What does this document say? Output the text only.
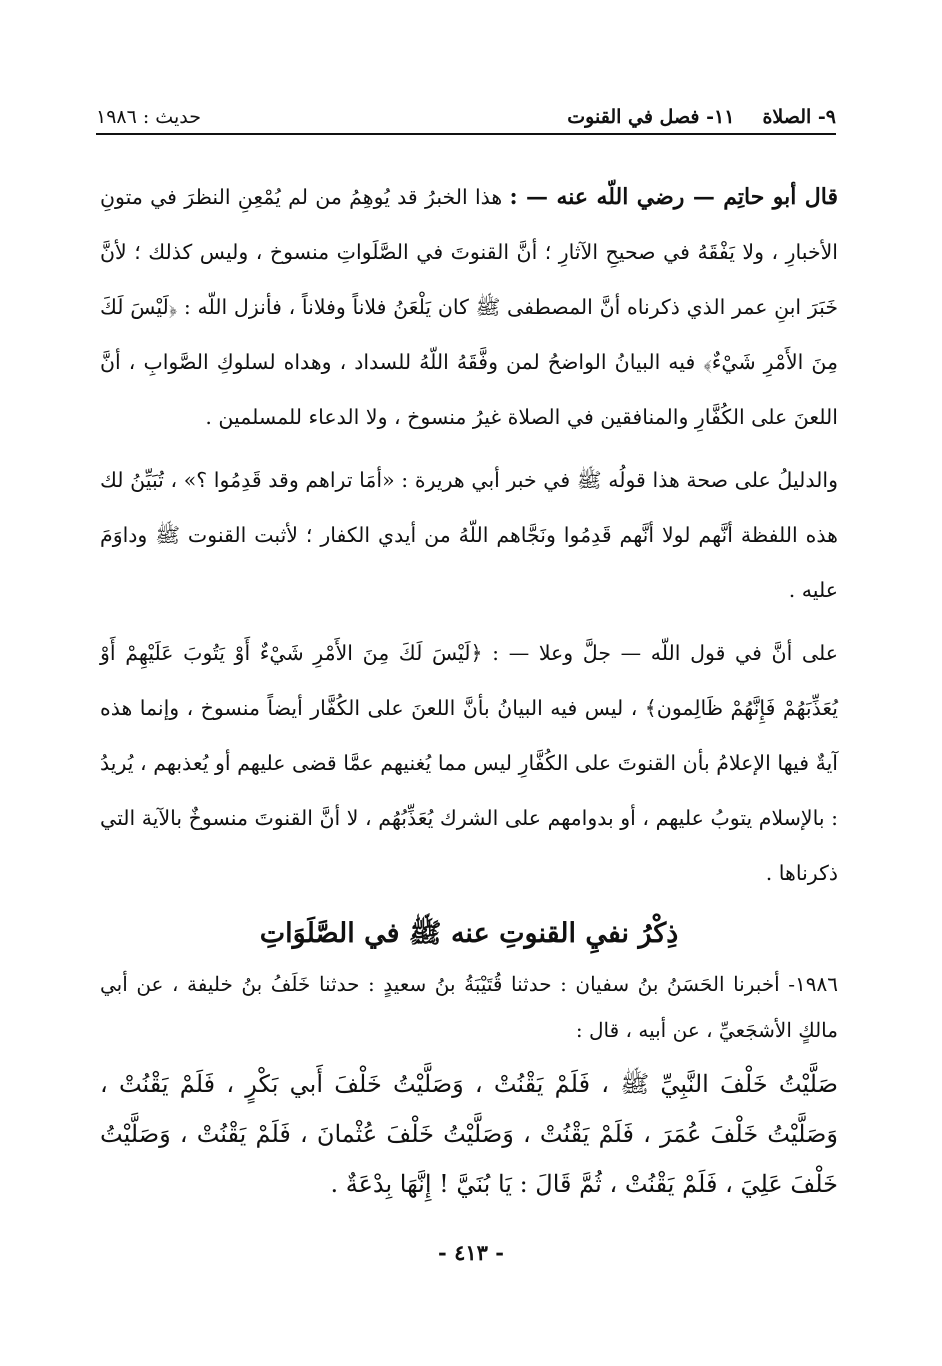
٩- الصلاة
١١- فصل في القنوت
حديث : ١٩٨٦

قال أبو حاتِم — رضي اللّه عنه — : هذا الخبرُ قد يُوهِمُ من لم يُمْعِنِ النظرَ في متونِ الأخبارِ ، ولا يَفْقَهُ في صحيحِ الآثارِ ؛ أنَّ القنوتَ في الصَّلَواتِ منسوخ ، وليس كذلك ؛ لأنَّ خَبَرَ ابنِ عمر الذي ذكرناه أنَّ المصطفى ﷺ كان يَلْعَنُ فلاناً وفلاناً ، فأنزل اللّه : ﴿لَيْسَ لَكَ مِنَ الأَمْرِ شَيْءٌ﴾ فيه البيانُ الواضحُ لمن وفَّقَهُ اللّهُ للسداد ، وهداه لسلوكِ الصَّوابِ ، أنَّ اللعنَ على الكُفَّارِ والمنافقين في الصلاة غيرُ منسوخ ، ولا الدعاء للمسلمين .

والدليلُ على صحة هذا قولُه ﷺ في خبر أبي هريرة : «أمَا تراهم وقد قَدِمُوا ؟» ، تُبَيِّنُ لك هذه اللفظة أنَّهم لولا أنَّهم قَدِمُوا ونَجَّاهم اللّهُ من أيدي الكفار ؛ لأثبت القنوت ﷺ وداوَمَ عليه .

على أنَّ في قول اللّه — جلَّ وعلا — : ﴿لَيْسَ لَكَ مِنَ الأَمْرِ شَيْءٌ أَوْ يَتُوبَ عَلَيْهِمْ أَوْ يُعَذِّبَهُمْ فَإِنَّهُمْ ظَالِمون﴾ ، ليس فيه البيانُ بأنَّ اللعنَ على الكُفَّار أيضاً منسوخ ، وإنما هذه آيةٌ فيها الإعلامُ بأن القنوتَ على الكُفَّارِ ليس مما يُغنيهم عمَّا قضى عليهم أو يُعذبهم ، يُريدُ : بالإسلام يتوبُ عليهم ، أو بدوامهم على الشرك يُعَذِّبُهُم ، لا أنَّ القنوتَ منسوخٌ بالآية التي ذكرناها .

ذِكْرُ نفيِ القنوتِ عنه ﷺ في الصَّلَوَاتِ

١٩٨٦- أخبرنا الحَسَنُ بنُ سفيان : حدثنا قُتَيْبَةُ بنُ سعيدٍ : حدثنا خَلَفُ بنُ خليفة ، عن أبي مالكٍ الأشجَعيِّ ، عن أبيه ، قال :

صَلَّيْتُ خَلْفَ النَّبِيِّ ﷺ ، فَلَمْ يَقْنُتْ ، وَصَلَّيْتُ خَلْفَ أَبي بَكْرٍ ، فَلَمْ يَقْنُتْ ، وَصَلَّيْتُ خَلْفَ عُمَرَ ، فَلَمْ يَقْنُتْ ، وَصَلَّيْتُ خَلْفَ عُثْمانَ ، فَلَمْ يَقْنُتْ ، وَصَلَّيْتُ خَلْفَ عَلِيَ ، فَلَمْ يَقْنُتْ ، ثُمَّ قَالَ : يَا بُنَيَّ ! إِنَّهَا بِدْعَةٌ .

- ٤١٣ -
